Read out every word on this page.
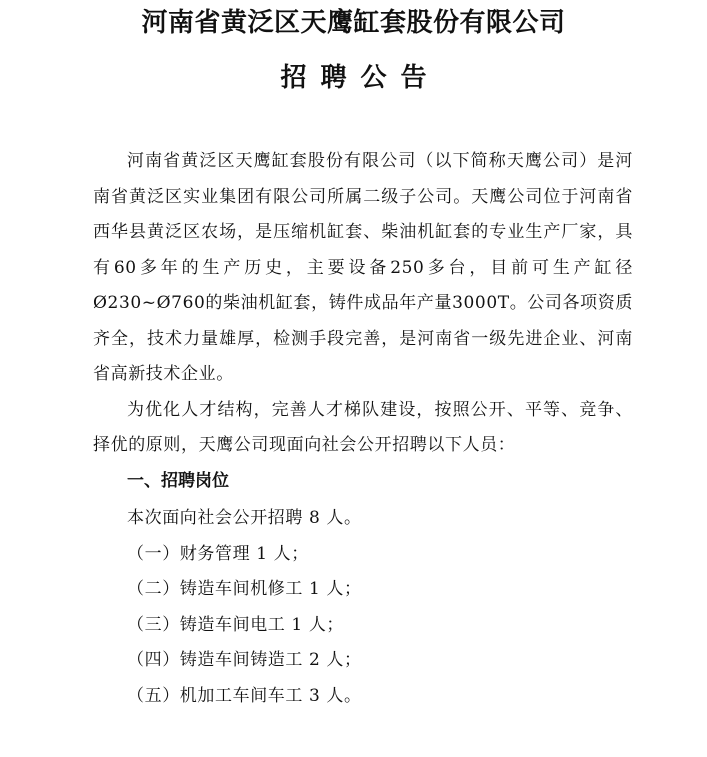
河南省黄泛区天鹰缸套股份有限公司
招聘公告

河南省黄泛区天鹰缸套股份有限公司（以下简称天鹰公司）是河南省黄泛区实业集团有限公司所属二级子公司。天鹰公司位于河南省西华县黄泛区农场，是压缩机缸套、柴油机缸套的专业生产厂家，具有60多年的生产历史，主要设备250多台，目前可生产缸径Ø230~Ø760的柴油机缸套，铸件成品年产量3000T。公司各项资质齐全，技术力量雄厚，检测手段完善，是河南省一级先进企业、河南省高新技术企业。

为优化人才结构，完善人才梯队建设，按照公开、平等、竞争、择优的原则，天鹰公司现面向社会公开招聘以下人员：

一、招聘岗位

本次面向社会公开招聘 8 人。

（一）财务管理 1 人；

（二）铸造车间机修工 1 人；

（三）铸造车间电工 1 人；

（四）铸造车间铸造工 2 人；

（五）机加工车间车工 3 人。
